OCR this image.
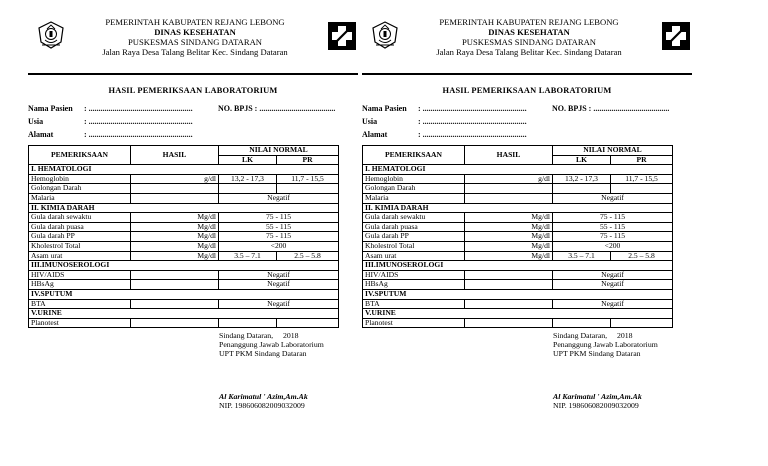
PEMERINTAH KABUPATEN REJANG LEBONG
DINAS KESEHATAN
PUSKESMAS SINDANG DATARAN
Jalan Raya Desa Talang Belitar Kec. Sindang Dataran
HASIL PEMERIKSAAN LABORATORIUM
Nama Pasien : ....................................................	NO. BPJS : ......................................
Usia	: ....................................................
Alamat	: ....................................................
PEMERIKSAAN	HASIL	NILAI NORMAL	
		LK	PR
I. HEMATOLOGI			
Hemoglobin	g/dl	13,2 - 17,3	11,7 - 15,5
Golongan Darah			
Malaria		Negatif	
II. KIMIA DARAH			
Gula darah sewaktu	Mg/dl	75 - 115	
Gula darah puasa	Mg/dl	55 - 115	
Gula darah PP	Mg/dl	75 - 115	
Kholestrol Total	Mg/dl	<200	
Asam urat	Mg/dl	3.5 – 7.1	2.5 – 5.8
III.IMUNOSEROLOGI			
HIV/AIDS		Negatif	
HBsAg		Negatif	
IV.SPUTUM			
BTA		Negatif	
V.URINE			
Planotest			
Sindang Dataran, 2018
Penanggung Jawab Laboratorium
UPT PKM Sindang Dataran
Al Karimatul ' Azim,Am.Ak
NIP. 198606082009032009
PEMERINTAH KABUPATEN REJANG LEBONG
DINAS KESEHATAN
PUSKESMAS SINDANG DATARAN
Jalan Raya Desa Talang Belitar Kec. Sindang Dataran
HASIL PEMERIKSAAN LABORATORIUM
Nama Pasien : ....................................................	NO. BPJS : ......................................
Usia	: ....................................................
Alamat	: ....................................................
PEMERIKSAAN	HASIL	NILAI NORMAL	
		LK	PR
I. HEMATOLOGI			
Hemoglobin	g/dl	13,2 - 17,3	11,7 - 15,5
Golongan Darah			
Malaria		Negatif	
II. KIMIA DARAH			
Gula darah sewaktu	Mg/dl	75 - 115	
Gula darah puasa	Mg/dl	55 - 115	
Gula darah PP	Mg/dl	75 - 115	
Kholestrol Total	Mg/dl	<200	
Asam urat	Mg/dl	3.5 – 7.1	2.5 – 5.8
III.IMUNOSEROLOGI			
HIV/AIDS		Negatif	
HBsAg		Negatif	
IV.SPUTUM			
BTA		Negatif	
V.URINE			
Planotest			
Sindang Dataran, 2018
Penanggung Jawab Laboratorium
UPT PKM Sindang Dataran
Al Karimatul ' Azim,Am.Ak
NIP. 198606082009032009
